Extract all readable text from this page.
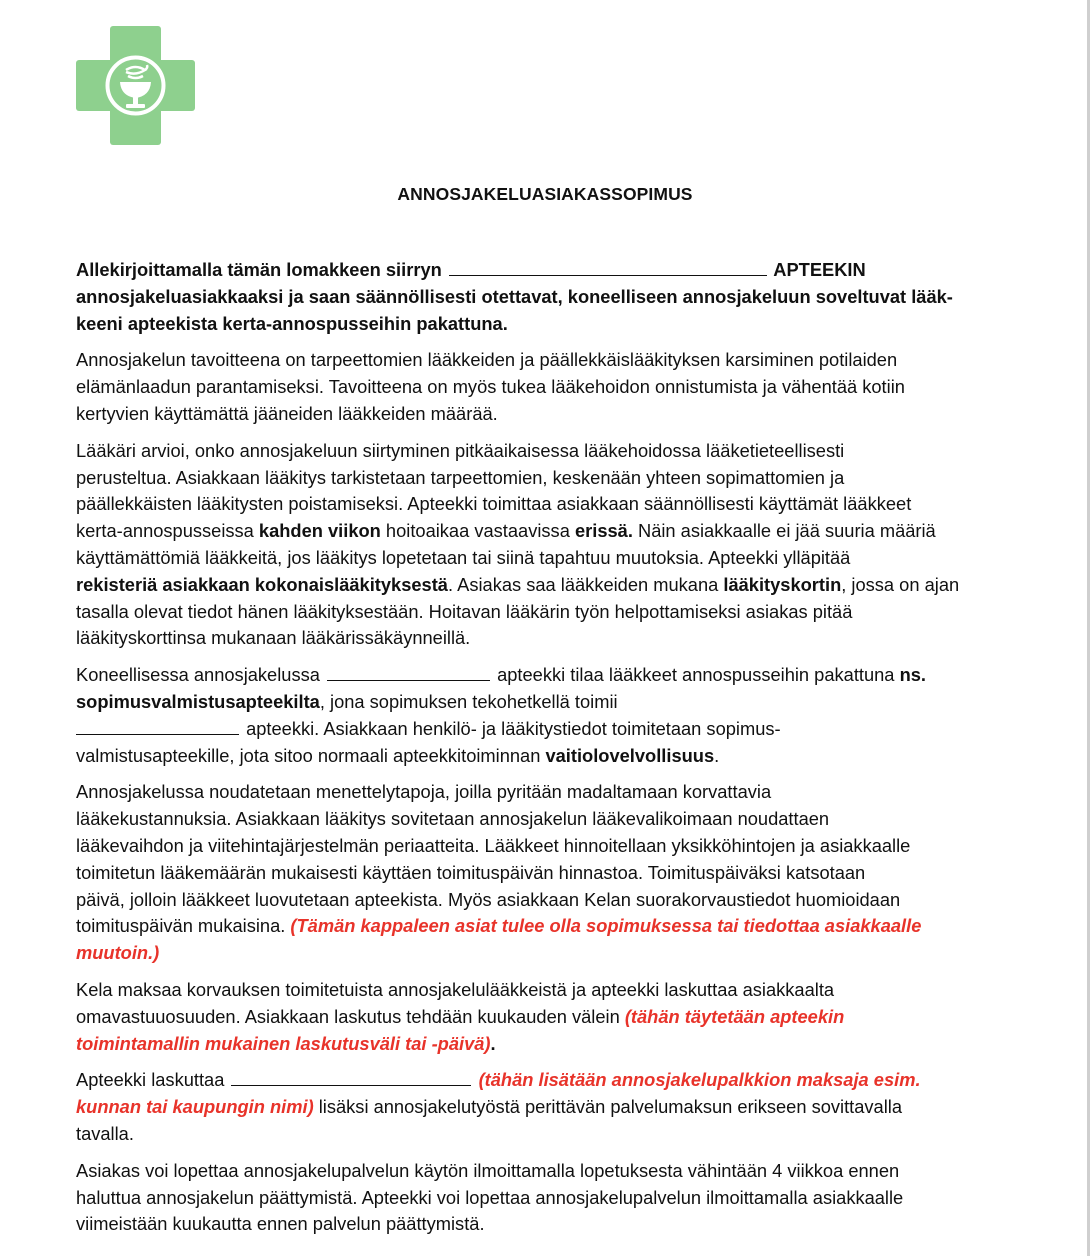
ANNOSJAKELUASIAKASSOPIMUS

Allekirjoittamalla tämän lomakkeen siirryn	APTEEKIN
annosjakeluasiakkaaksi ja saan säännöllisesti otettavat, koneelliseen annosjakeluun soveltuvat lääk-
keeni apteekista kerta-annospusseihin pakattuna.

Annosjakelun tavoitteena on tarpeettomien lääkkeiden ja päällekkäislääkityksen karsiminen potilaiden
elämänlaadun parantamiseksi. Tavoitteena on myös tukea lääkehoidon onnistumista ja vähentää kotiin
kertyvien käyttämättä jääneiden lääkkeiden määrää.

Lääkäri arvioi, onko annosjakeluun siirtyminen pitkäaikaisessa lääkehoidossa lääketieteellisesti
perusteltua. Asiakkaan lääkitys tarkistetaan tarpeettomien, keskenään yhteen sopimattomien ja
päällekkäisten lääkitysten poistamiseksi. Apteekki toimittaa asiakkaan säännöllisesti käyttämät lääkkeet
kerta-annospusseissa kahden viikon hoitoaikaa vastaavissa erissä. Näin asiakkaalle ei jää suuria määriä
käyttämättömiä lääkkeitä, jos lääkitys lopetetaan tai siinä tapahtuu muutoksia. Apteekki ylläpitää
rekisteriä asiakkaan kokonaislääkityksestä. Asiakas saa lääkkeiden mukana lääkityskortin, jossa on ajan
tasalla olevat tiedot hänen lääkityksestään. Hoitavan lääkärin työn helpottamiseksi asiakas pitää
lääkityskorttinsa mukanaan lääkärissäkäynneillä.

Koneellisessa annosjakelussa	apteekki tilaa lääkkeet annospusseihin pakattuna ns.
sopimusvalmistusapteekilta, jona sopimuksen tekohetkellä toimii
apteekki. Asiakkaan henkilö- ja lääkitystiedot toimitetaan sopimus-
valmistusapteekille, jota sitoo normaali apteekkitoiminnan vaitiolovelvollisuus.

Annosjakelussa noudatetaan menettelytapoja, joilla pyritään madaltamaan korvattavia
lääkekustannuksia. Asiakkaan lääkitys sovitetaan annosjakelun lääkevalikoimaan noudattaen
lääkevaihdon ja viitehintajärjestelmän periaatteita. Lääkkeet hinnoitellaan yksikköhintojen ja asiakkaalle
toimitetun lääkemäärän mukaisesti käyttäen toimituspäivän hinnastoa. Toimituspäiväksi katsotaan
päivä, jolloin lääkkeet luovutetaan apteekista. Myös asiakkaan Kelan suorakorvaustiedot huomioidaan
toimituspäivän mukaisina. (Tämän kappaleen asiat tulee olla sopimuksessa tai tiedottaa asiakkaalle
muutoin.)

Kela maksaa korvauksen toimitetuista annosjakelulääkkeistä ja apteekki laskuttaa asiakkaalta
omavastuuosuuden. Asiakkaan laskutus tehdään kuukauden välein (tähän täytetään apteekin
toimintamallin mukainen laskutusväli tai -päivä).

Apteekki laskuttaa	(tähän lisätään annosjakelupalkkion maksaja esim.
kunnan tai kaupungin nimi) lisäksi annosjakelutyöstä perittävän palvelumaksun erikseen sovittavalla
tavalla.

Asiakas voi lopettaa annosjakelupalvelun käytön ilmoittamalla lopetuksesta vähintään 4 viikkoa ennen
haluttua annosjakelun päättymistä. Apteekki voi lopettaa annosjakelupalvelun ilmoittamalla asiakkaalle
viimeistään kuukautta ennen palvelun päättymistä.
